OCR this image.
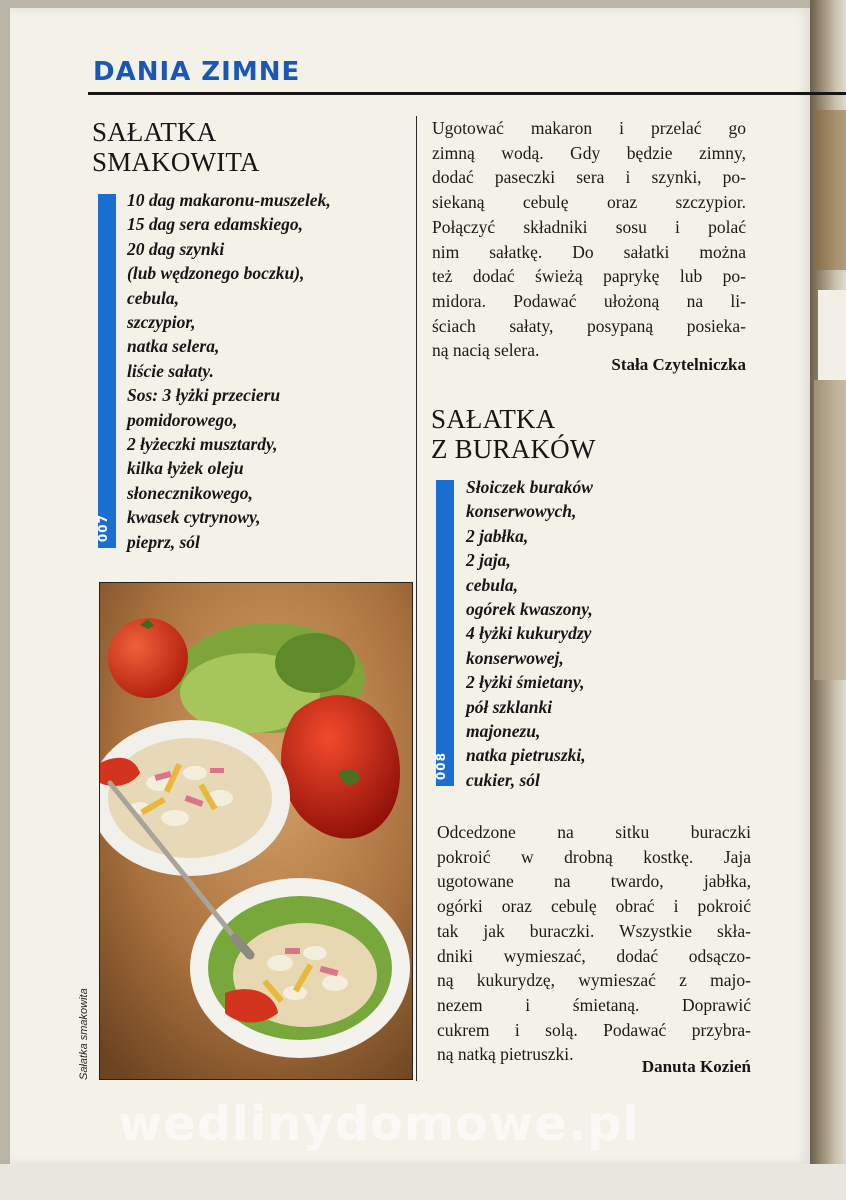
DANIA ZIMNE
SAŁATKA
SMAKOWITA
007
10 dag makaronu-muszelek,
15 dag sera edamskiego,
20 dag szynki
(lub wędzonego boczku),
cebula,
szczypior,
natka selera,
liście sałaty.
Sos: 3 łyżki przecieru
pomidorowego,
2 łyżeczki musztardy,
kilka łyżek oleju
słonecznikowego,
kwasek cytrynowy,
pieprz, sól
Sałatka smakowita
Ugotować makaron i przelać go
zimną wodą. Gdy będzie zimny,
dodać paseczki sera i szynki, po-
siekaną cebulę oraz szczypior.
Połączyć składniki sosu i polać
nim sałatkę. Do sałatki można
też dodać świeżą paprykę lub po-
midora. Podawać ułożoną na li-
ściach sałaty, posypaną posieka-
ną nacią selera.
Stała Czytelniczka
SAŁATKA
Z BURAKÓW
008
Słoiczek buraków
konserwowych,
2 jabłka,
2 jaja,
cebula,
ogórek kwaszony,
4 łyżki kukurydzy
konserwowej,
2 łyżki śmietany,
pół szklanki
majonezu,
natka pietruszki,
cukier, sól
Odcedzone na sitku buraczki
pokroić w drobną kostkę. Jaja
ugotowane na twardo, jabłka,
ogórki oraz cebulę obrać i pokroić
tak jak buraczki. Wszystkie skła-
dniki wymieszać, dodać odsączo-
ną kukurydzę, wymieszać z majo-
nezem i śmietaną. Doprawić
cukrem i solą. Podawać przybra-
ną natką pietruszki.
Danuta Kozień
wedlinydomowe.pl
